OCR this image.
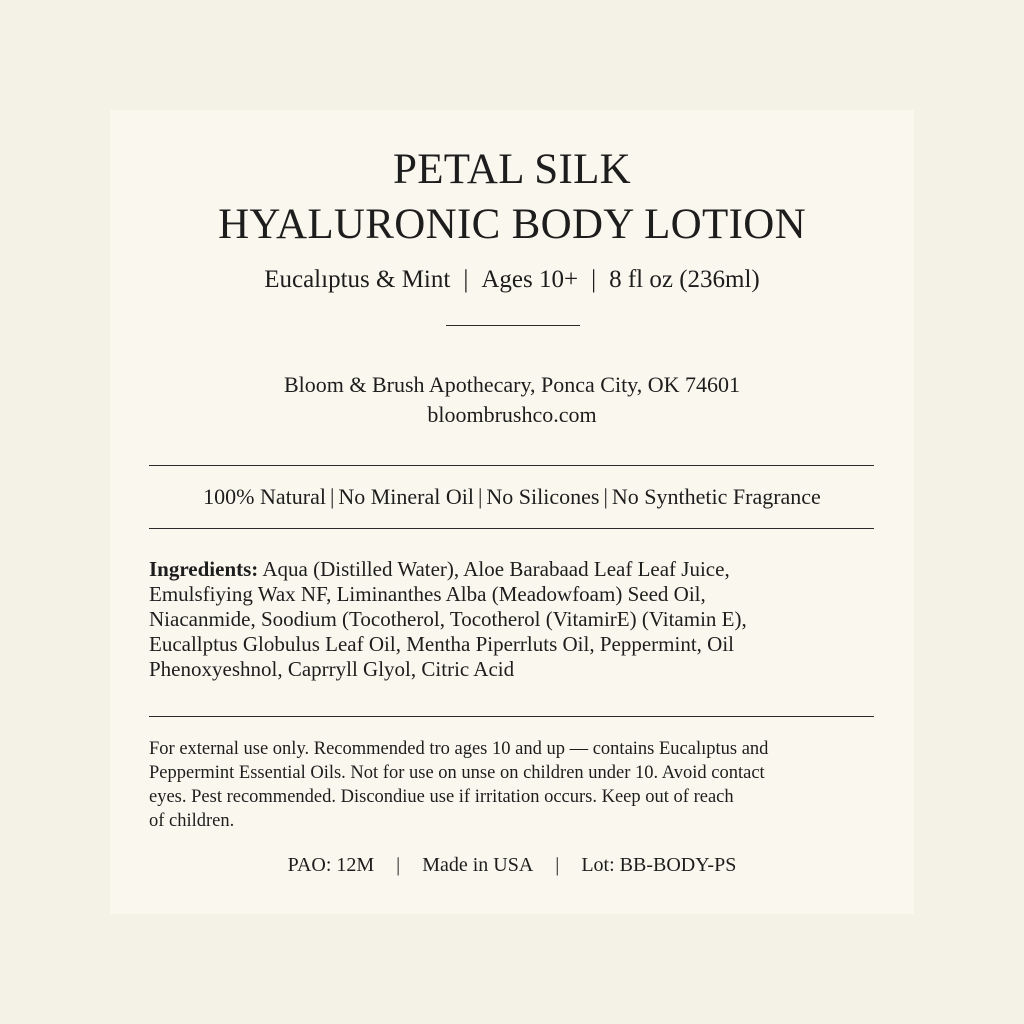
PETAL SILK
HYALURONIC BODY LOTION
Eucalıptus & Mint | Ages 10+ | 8 fl oz (236ml)
Bloom & Brush Apothecary, Ponca City, OK 74601
bloombrushco.com
100% Natural | No Mineral Oil | No Silicones | No Synthetic Fragrance
Ingredients: Aqua (Distilled Water), Aloe Barabaad Leaf Leaf Juice,
Emulsfiying Wax NF, Liminanthes Alba (Meadowfoam) Seed Oil,
Niacanmide, Soodium (Tocotherol, Tocotherol (VitamirE) (Vitamin E),
Eucallptus Globulus Leaf Oil, Mentha Piperrluts Oil, Peppermint, Oil
Phenoxyeshnol, Caprryll Glyol, Citric Acid
For external use only. Recommended tro ages 10 and up — contains Eucalıptus and
Peppermint Essential Oils. Not for use on unse on children under 10. Avoid contact
eyes. Pest recommended. Discondiue use if irritation occurs. Keep out of reach
of children.
PAO: 12M | Made in USA | Lot: BB-BODY-PS
